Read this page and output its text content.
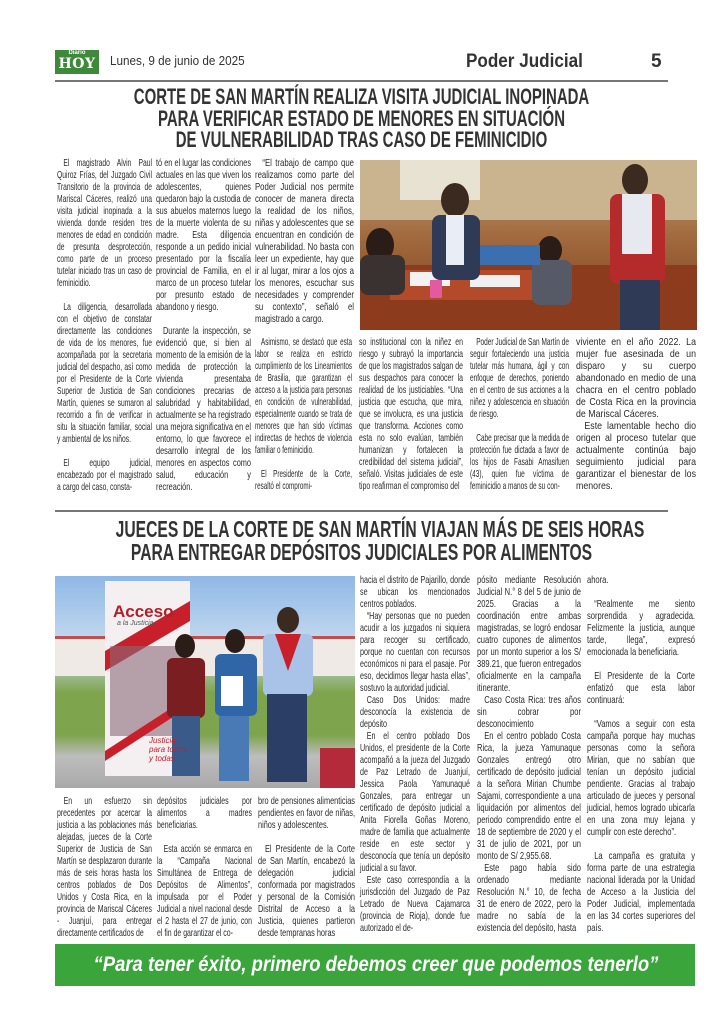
Diario
HOY Lunes, 9 de junio de 2025	Poder Judicial	5
CORTE DE SAN MARTÍN REALIZA VISITA JUDICIAL INOPINADA
PARA VERIFICAR ESTADO DE MENORES EN SITUACIÓN
DE VULNERABILIDAD TRAS CASO DE FEMINICIDIO

El magistrado Alvin Paul Quiroz Frías, del Juzgado Civil Transitorio de la provincia de Mariscal Cáceres, realizó una visita judicial inopinada a la vivienda donde residen tres menores de edad en condición de presunta desprotección, como parte de un proceso tutelar iniciado tras un caso de feminicidio.

La diligencia, desarrollada con el objetivo de constatar directamente las condiciones de vida de los menores, fue acompañada por la secretaria judicial del despacho, así como por el Presidente de la Corte Superior de Justicia de San Martín, quienes se sumaron al recorrido a fin de verificar in situ la situación familiar, social y ambiental de los niños.

El equipo judicial, encabezado por el magistrado a cargo del caso, consta-

tó en el lugar las condiciones actuales en las que viven los adolescentes, quienes quedaron bajo la custodia de sus abuelos maternos luego de la muerte violenta de su madre. Esta diligencia responde a un pedido inicial presentado por la fiscalía provincial de Familia, en el marco de un proceso tutelar por presunto estado de abandono y riesgo.

Durante la inspección, se evidenció que, si bien al momento de la emisión de la medida de protección la vivienda presentaba condiciones precarias de salubridad y habitabilidad, actualmente se ha registrado una mejora significativa en el entorno, lo que favorece el desarrollo integral de los menores en aspectos como salud, educación y recreación.

“El trabajo de campo que realizamos como parte del Poder Judicial nos permite conocer de manera directa la realidad de los niños, niñas y adolescentes que se encuentran en condición de vulnerabilidad. No basta con leer un expediente, hay que ir al lugar, mirar a los ojos a los menores, escuchar sus necesidades y comprender su contexto”, señaló el magistrado a cargo.

Asimismo, se destacó que esta labor se realiza en estricto cumplimiento de los Lineamientos de Brasilia, que garantizan el acceso a la justicia para personas en condición de vulnerabilidad, especialmente cuando se trata de menores que han sido víctimas indirectas de hechos de violencia familiar o feminicidio.

El Presidente de la Corte, resaltó el compromi-

so institucional con la niñez en riesgo y subrayó la importancia de que los magistrados salgan de sus despachos para conocer la realidad de los justiciables. “Una justicia que escucha, que mira, que se involucra, es una justicia que transforma. Acciones como esta no solo evalúan, también humanizan y fortalecen la credibilidad del sistema judicial”, señaló. Visitas judiciales de este tipo reafirman el compromiso del

Poder Judicial de San Martín de seguir fortaleciendo una justicia tutelar más humana, ágil y con enfoque de derechos, poniendo en el centro de sus acciones a la niñez y adolescencia en situación de riesgo.

Cabe precisar que la medida de protección fue dictada a favor de los hijos de Fasabi Amasifuen (43), quien fue víctima de feminicidio a manos de su con-

viviente en el año 2022. La mujer fue asesinada de un disparo y su cuerpo abandonado en medio de una chacra en el centro poblado de Costa Rica en la provincia de Mariscal Cáceres.

Este lamentable hecho dio origen al proceso tutelar que actualmente continúa bajo seguimiento judicial para garantizar el bienestar de los menores.

JUECES DE LA CORTE DE SAN MARTÍN VIAJAN MÁS DE SEIS HORAS
PARA ENTREGAR DEPÓSITOS JUDICIALES POR ALIMENTOS
Acceso
a la Justicia
Justicia para todos y todas

En un esfuerzo sin precedentes por acercar la justicia a las poblaciones más alejadas, jueces de la Corte Superior de Justicia de San Martín se desplazaron durante más de seis horas hasta los centros poblados de Dos Unidos y Costa Rica, en la provincia de Mariscal Cáceres - Juanjuí, para entregar directamente certificados de

depósitos judiciales por alimentos a madres beneficiarias.

Esta acción se enmarca en la “Campaña Nacional Simultánea de Entrega de Depósitos de Alimentos”, impulsada por el Poder Judicial a nivel nacional desde el 2 hasta el 27 de junio, con el fin de garantizar el co-

bro de pensiones alimenticias pendientes en favor de niñas, niños y adolescentes.

El Presidente de la Corte de San Martín, encabezó la delegación judicial conformada por magistrados y personal de la Comisión Distrital de Acceso a la Justicia, quienes partieron desde tempranas horas

hacia el distrito de Pajarillo, donde se ubican los mencionados centros poblados.

“Hay personas que no pueden acudir a los juzgados ni siquiera para recoger su certificado, porque no cuentan con recursos económicos ni para el pasaje. Por eso, decidimos llegar hasta ellas”, sostuvo la autoridad judicial.

Caso Dos Unidos: madre desconocía la existencia de depósito

En el centro poblado Dos Unidos, el presidente de la Corte acompañó a la jueza del Juzgado de Paz Letrado de Juanjuí, Jessica Paola Yamunaqué Gonzales, para entregar un certificado de depósito judicial a Anita Fiorella Goñas Moreno, madre de familia que actualmente reside en este sector y desconocía que tenía un depósito judicial a su favor.

Este caso correspondía a la jurisdicción del Juzgado de Paz Letrado de Nueva Cajamarca (provincia de Rioja), donde fue autorizado el de-

pósito mediante Resolución Judicial N.° 8 del 5 de junio de 2025. Gracias a la coordinación entre ambas magistradas, se logró endosar cuatro cupones de alimentos por un monto superior a los S/ 389.21, que fueron entregados oficialmente en la campaña itinerante.

Caso Costa Rica: tres años sin cobrar por desconocimiento

En el centro poblado Costa Rica, la jueza Yamunaque Gonzales entregó otro certificado de depósito judicial a la señora Mirian Chumbe Sajami, correspondiente a una liquidación por alimentos del periodo comprendido entre el 18 de septiembre de 2020 y el 31 de julio de 2021, por un monto de S/ 2,955.68.

Este pago había sido ordenado mediante Resolución N.° 10, de fecha 31 de enero de 2022, pero la madre no sabía de la existencia del depósito, hasta

ahora.

“Realmente me siento sorprendida y agradecida. Felizmente la justicia, aunque tarde, llega”, expresó emocionada la beneficiaria.

El Presidente de la Corte enfatizó que esta labor continuará:

“Vamos a seguir con esta campaña porque hay muchas personas como la señora Mirian, que no sabían que tenían un depósito judicial pendiente. Gracias al trabajo articulado de jueces y personal judicial, hemos logrado ubicarla en una zona muy lejana y cumplir con este derecho”.

La campaña es gratuita y forma parte de una estrategia nacional liderada por la Unidad de Acceso a la Justicia del Poder Judicial, implementada en las 34 cortes superiores del país.

“Para tener éxito, primero debemos creer que podemos tenerlo”
